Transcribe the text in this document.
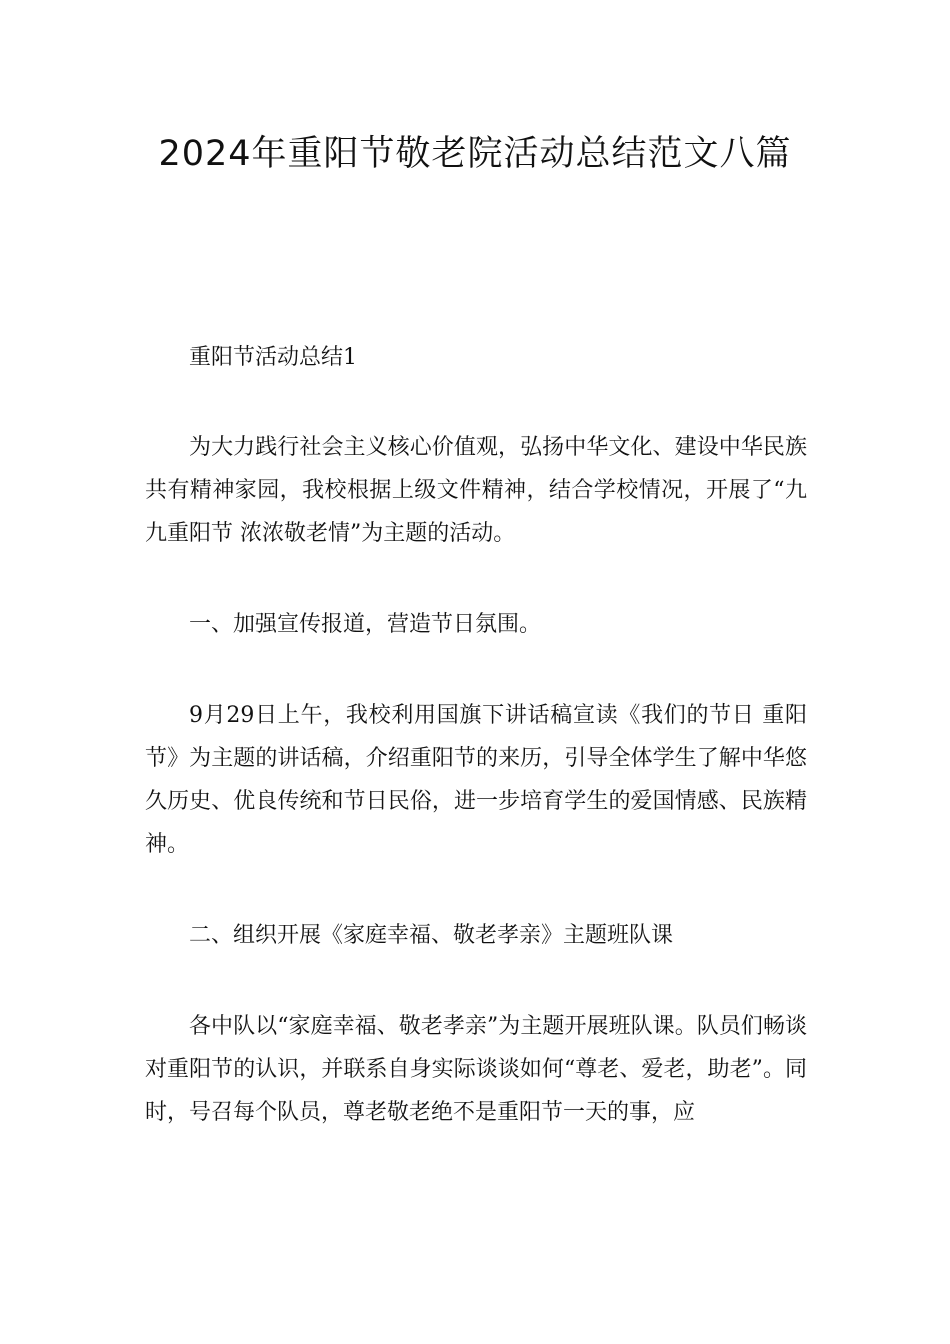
2024年重阳节敬老院活动总结范文八篇

重阳节活动总结1

为大力践行社会主义核心价值观，弘扬中华文化、建设中华民族共有精神家园，我校根据上级文件精神，结合学校情况，开展了“九九重阳节 浓浓敬老情”为主题的活动。

一、加强宣传报道，营造节日氛围。

9月29日上午，我校利用国旗下讲话稿宣读《我们的节日 重阳节》为主题的讲话稿，介绍重阳节的来历，引导全体学生了解中华悠久历史、优良传统和节日民俗，进一步培育学生的爱国情感、民族精神。

二、组织开展《家庭幸福、敬老孝亲》主题班队课

各中队以“家庭幸福、敬老孝亲”为主题开展班队课。队员们畅谈对重阳节的认识，并联系自身实际谈谈如何“尊老、爱老，助老”。同时，号召每个队员，尊老敬老绝不是重阳节一天的事，应
